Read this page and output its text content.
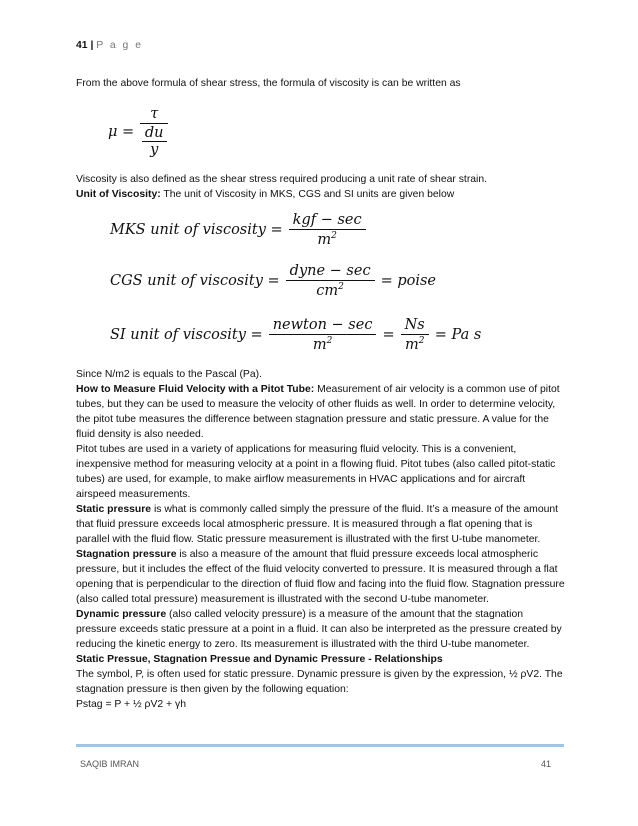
41 | P a g e
From the above formula of shear stress, the formula of viscosity is can be written as
$\mu = \frac{\tau}{\frac{du}{y}}$
Viscosity is also defined as the shear stress required producing a unit rate of shear strain.
Unit of Viscosity: The unit of Viscosity in MKS, CGS and SI units are given below
MKS unit of viscosity = $\frac{\text{kgf − sec}}{m^2}$
CGS unit of viscosity = $\frac{\text{dyne − sec}}{cm^2}$ = poise
SI unit of viscosity = $\frac{\text{newton − sec}}{m^2} = \frac{Ns}{m^2} = Pa$ s
Since N/m2 is equals to the Pascal (Pa).
How to Measure Fluid Velocity with a Pitot Tube: Measurement of air velocity is a common use of pitot tubes, but they can be used to measure the velocity of other fluids as well. In order to determine velocity, the pitot tube measures the difference between stagnation pressure and static pressure. A value for the fluid density is also needed.
Pitot tubes are used in a variety of applications for measuring fluid velocity. This is a convenient, inexpensive method for measuring velocity at a point in a flowing fluid. Pitot tubes (also called pitot-static tubes) are used, for example, to make airflow measurements in HVAC applications and for aircraft airspeed measurements.
Static pressure is what is commonly called simply the pressure of the fluid. It’s a measure of the amount that fluid pressure exceeds local atmospheric pressure. It is measured through a flat opening that is parallel with the fluid flow. Static pressure measurement is illustrated with the first U-tube manometer.
Stagnation pressure is also a measure of the amount that fluid pressure exceeds local atmospheric pressure, but it includes the effect of the fluid velocity converted to pressure. It is measured through a flat opening that is perpendicular to the direction of fluid flow and facing into the fluid flow. Stagnation pressure (also called total pressure) measurement is illustrated with the second U-tube manometer.
Dynamic pressure (also called velocity pressure) is a measure of the amount that the stagnation pressure exceeds static pressure at a point in a fluid. It can also be interpreted as the pressure created by reducing the kinetic energy to zero. Its measurement is illustrated with the third U-tube manometer.
Static Pressue, Stagnation Pressue and Dynamic Pressure - Relationships
The symbol, P, is often used for static pressure. Dynamic pressure is given by the expression, ½ ρV2. The stagnation pressure is then given by the following equation:
Pstag = P + ½ ρV2 + γh
SAQIB IMRAN	41
